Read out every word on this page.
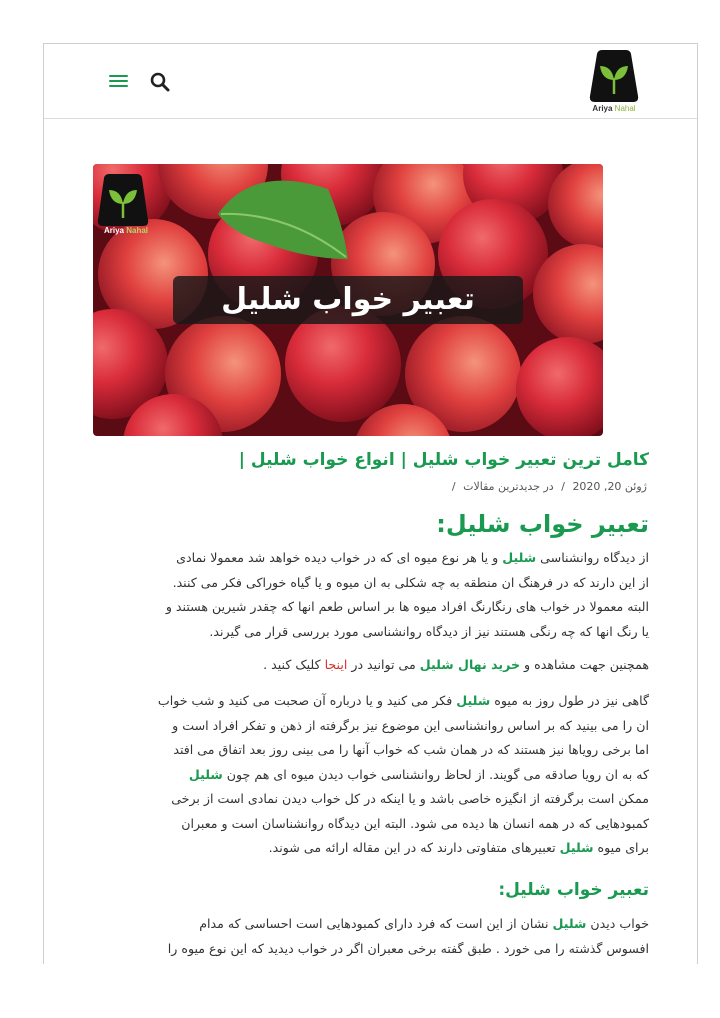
Ariya Nahal
Ariya Nahal
تعبیر خواب شلیل
کامل ترین تعبیر خواب شلیل | انواع خواب شلیل |
ژوئن 20, 2020 / در جدیدترین مقالات /
تعبیر خواب شلیل:

از دیدگاه روانشناسی شلیل و یا هر نوع میوه ای که در خواب دیده خواهد شد معمولا نمادی
از این دارند که در فرهنگ ان منطقه به چه شکلی به ان میوه و یا گیاه خوراکی فکر می کنند.
البته معمولا در خواب های رنگارنگ افراد میوه ها بر اساس طعم انها که چقدر شیرین هستند و
یا رنگ انها که چه رنگی هستند نیز از دیدگاه روانشناسی مورد بررسی قرار می گیرند.

همچنین جهت مشاهده و خرید نهال شلیل می توانید در اینجا کلیک کنید .

گاهی نیز در طول روز به میوه شلیل فکر می کنید و یا درباره آن صحبت می کنید و شب خواب
ان را می بینید که بر اساس روانشناسی این موضوع نیز برگرفته از ذهن و تفکر افراد است و
اما برخی رویاها نیز هستند که در همان شب که خواب آنها را می بینی روز بعد اتفاق می افتد
که به ان رویا صادقه می گویند. از لحاظ روانشناسی خواب دیدن میوه ای هم چون شلیل
ممکن است برگرفته از انگیزه خاصی باشد و یا اینکه در کل خواب دیدن نمادی است از برخی
کمبودهایی که در همه انسان ها دیده می شود. البته این دیدگاه روانشناسان است و معبران
برای میوه شلیل تعبیرهای متفاوتی دارند که در این مقاله ارائه می شوند.

تعبیر خواب شلیل:

خواب دیدن شلیل نشان از این است که فرد دارای کمبودهایی است احساسی که مدام
افسوس گذشته را می خورد . طبق گفته برخی معبران اگر در خواب دیدید که این نوع میوه را
